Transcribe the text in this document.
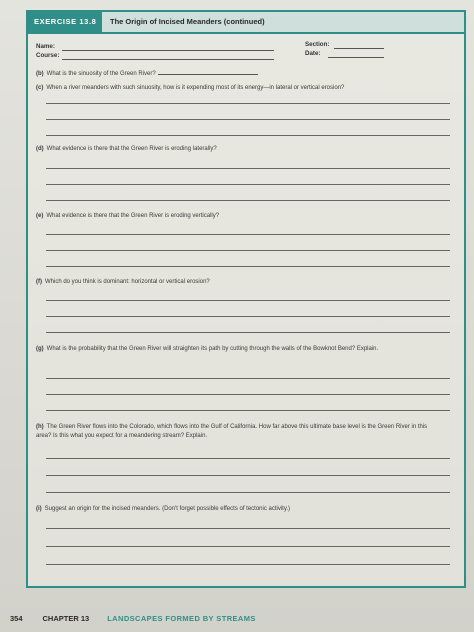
EXERCISE 13.8	The Origin of Incised Meanders (continued)
Name:
Course:
Section:
Date:
(b) What is the sinuosity of the Green River?
(c) When a river meanders with such sinuosity, how is it expending most of its energy—in lateral or vertical erosion?
(d) What evidence is there that the Green River is eroding laterally?
(e) What evidence is there that the Green River is eroding vertically?
(f) Which do you think is dominant: horizontal or vertical erosion?
(g) What is the probability that the Green River will straighten its path by cutting through the walls of the Bowknot Bend? Explain.
(h) The Green River flows into the Colorado, which flows into the Gulf of California. How far above this ultimate base level is the Green River in this area? Is this what you expect for a meandering stream? Explain.
(i) Suggest an origin for the incised meanders. (Don't forget possible effects of tectonic activity.)
354	CHAPTER 13 LANDSCAPES FORMED BY STREAMS
